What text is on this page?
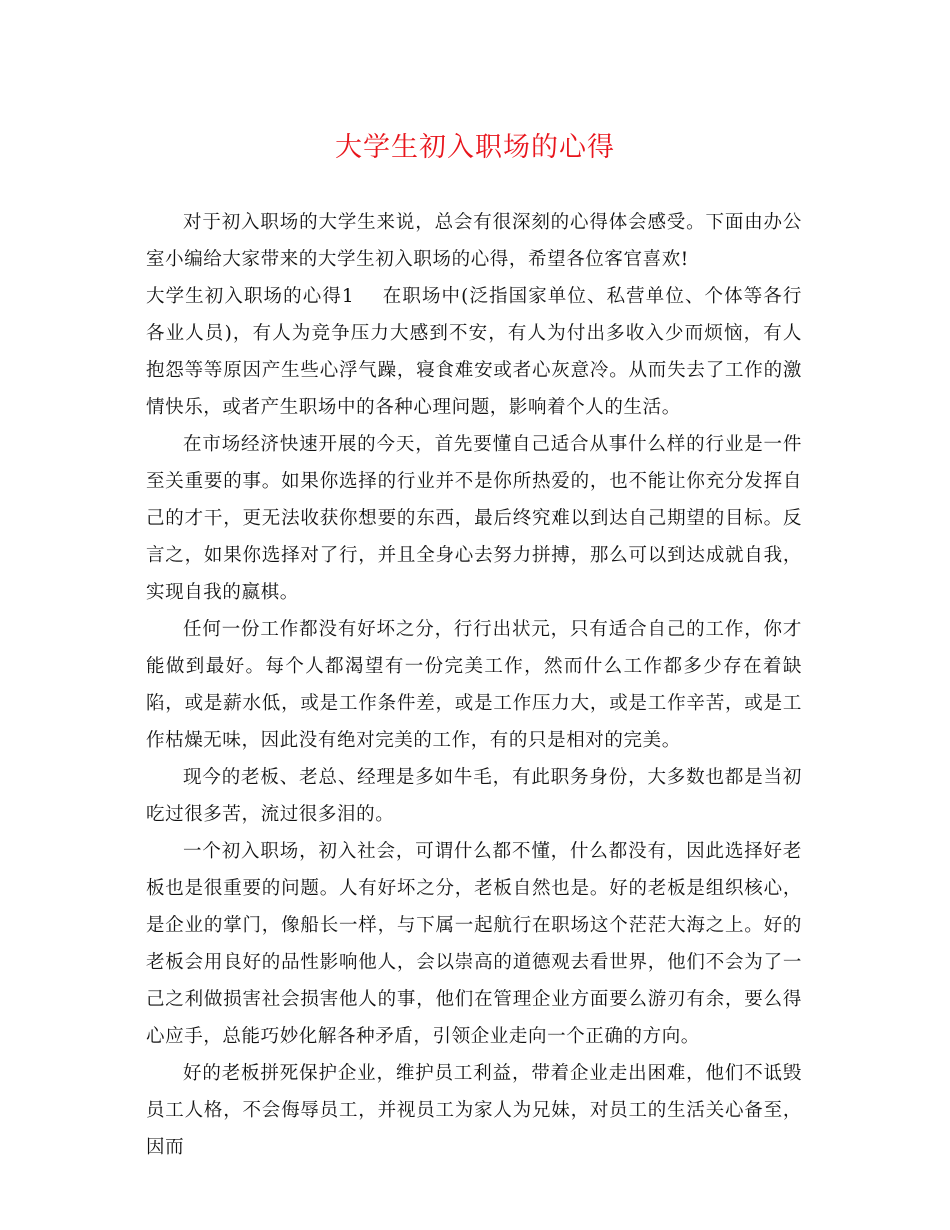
大学生初入职场的心得

对于初入职场的大学生来说，总会有很深刻的心得体会感受。下面由办公室小编给大家带来的大学生初入职场的心得，希望各位客官喜欢!

大学生初入职场的心得1 在职场中(泛指国家单位、私营单位、个体等各行各业人员)，有人为竞争压力大感到不安，有人为付出多收入少而烦恼，有人抱怨等等原因产生些心浮气躁，寝食难安或者心灰意冷。从而失去了工作的激情快乐，或者产生职场中的各种心理问题，影响着个人的生活。

在市场经济快速开展的今天，首先要懂自己适合从事什么样的行业是一件至关重要的事。如果你选择的行业并不是你所热爱的，也不能让你充分发挥自己的才干，更无法收获你想要的东西，最后终究难以到达自己期望的目标。反言之，如果你选择对了行，并且全身心去努力拼搏，那么可以到达成就自我，实现自我的嬴棋。

任何一份工作都没有好坏之分，行行出状元，只有适合自己的工作，你才能做到最好。每个人都渴望有一份完美工作，然而什么工作都多少存在着缺陷，或是薪水低，或是工作条件差，或是工作压力大，或是工作辛苦，或是工作枯燥无味，因此没有绝对完美的工作，有的只是相对的完美。

现今的老板、老总、经理是多如牛毛，有此职务身份，大多数也都是当初吃过很多苦，流过很多泪的。

一个初入职场，初入社会，可谓什么都不懂，什么都没有，因此选择好老板也是很重要的问题。人有好坏之分，老板自然也是。好的老板是组织核心，是企业的掌门，像船长一样，与下属一起航行在职场这个茫茫大海之上。好的老板会用良好的品性影响他人，会以崇高的道德观去看世界，他们不会为了一己之利做损害社会损害他人的事，他们在管理企业方面要么游刃有余，要么得心应手，总能巧妙化解各种矛盾，引领企业走向一个正确的方向。

好的老板拼死保护企业，维护员工利益，带着企业走出困难，他们不诋毁员工人格，不会侮辱员工，并视员工为家人为兄妹，对员工的生活关心备至，因而
